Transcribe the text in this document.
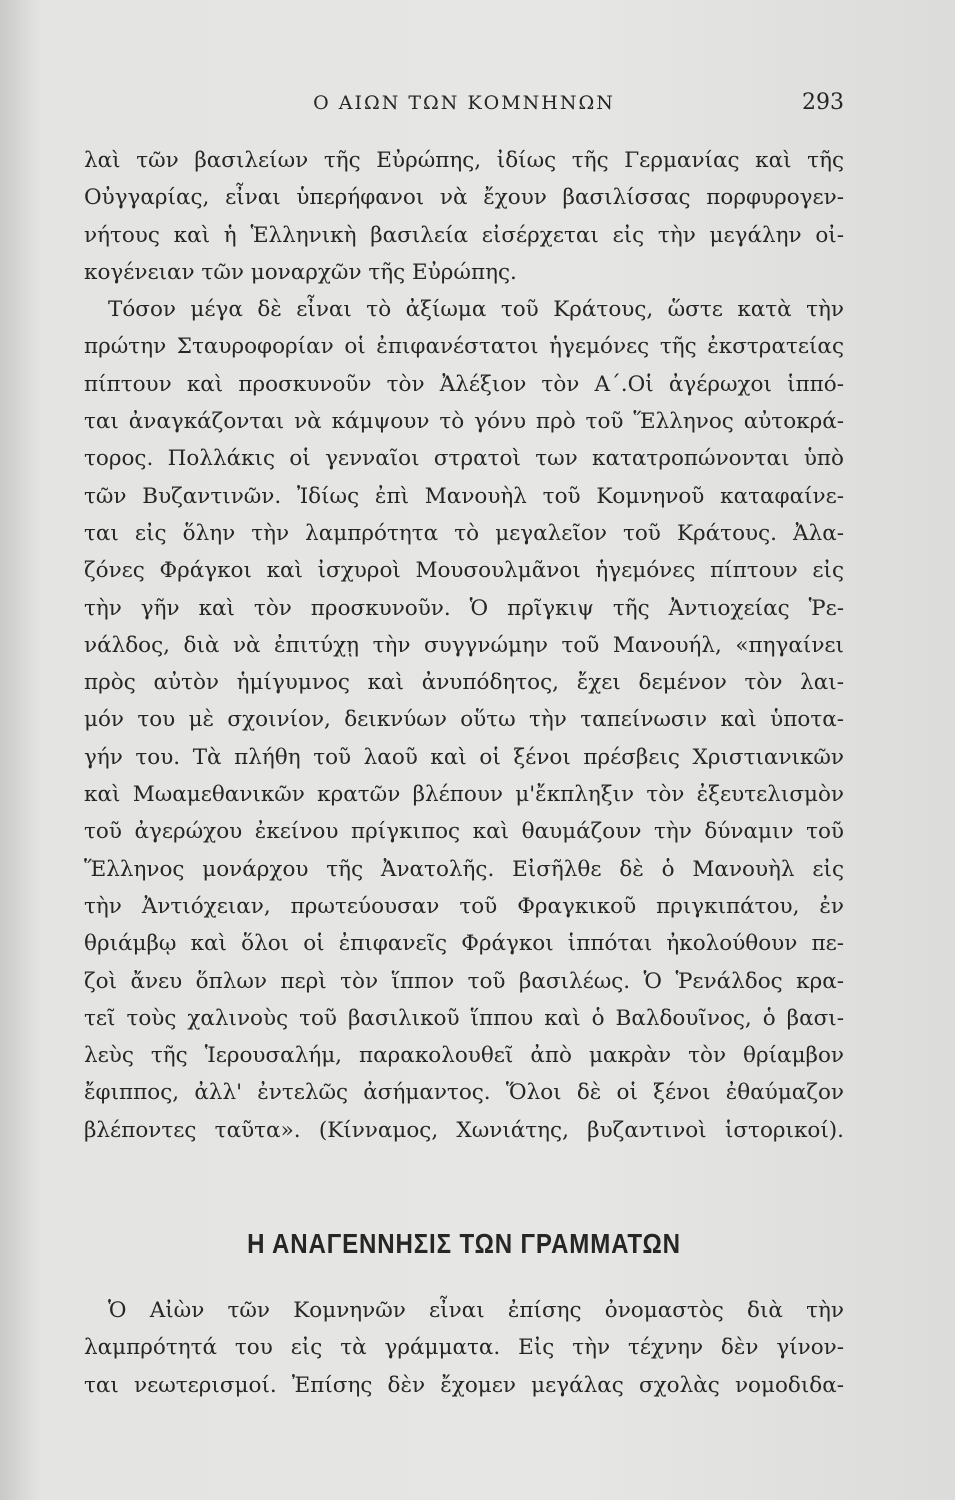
Ο ΑΙΩΝ ΤΩΝ ΚΟΜΝΗΝΩΝ	293
λαὶ τῶν βασιλείων τῆς Εὐρώπης, ἰδίως τῆς Γερμανίας καὶ τῆς
Οὐγγαρίας, εἶναι ὑπερήφανοι νὰ ἔχουν βασιλίσσας πορφυρογεν-
νήτους καὶ ἡ Ἑλληνικὴ βασιλεία εἰσέρχεται εἰς τὴν μεγάλην οἰ-
κογένειαν τῶν μοναρχῶν τῆς Εὐρώπης.
Τόσον μέγα δὲ εἶναι τὸ ἀξίωμα τοῦ Κράτους, ὥστε κατὰ τὴν
πρώτην Σταυροφορίαν οἱ ἐπιφανέστατοι ἡγεμόνες τῆς ἐκστρατείας
πίπτουν καὶ προσκυνοῦν τὸν Ἀλέξιον τὸν Α΄.Οἱ ἀγέρωχοι ἱππό-
ται ἀναγκάζονται νὰ κάμψουν τὸ γόνυ πρὸ τοῦ Ἕλληνος αὐτοκρά-
τορος. Πολλάκις οἱ γενναῖοι στρατοὶ των κατατροπώνονται ὑπὸ
τῶν Βυζαντινῶν. Ἰδίως ἐπὶ Μανουὴλ τοῦ Κομνηνοῦ καταφαίνε-
ται εἰς ὅλην τὴν λαμπρότητα τὸ μεγαλεῖον τοῦ Κράτους. Ἀλα-
ζόνες Φράγκοι καὶ ἰσχυροὶ Μουσουλμᾶνοι ἡγεμόνες πίπτουν εἰς
τὴν γῆν καὶ τὸν προσκυνοῦν. Ὁ πρῖγκιψ τῆς Ἀντιοχείας Ῥε-
νάλδος, διὰ νὰ ἐπιτύχῃ τὴν συγγνώμην τοῦ Μανουήλ, «πηγαίνει
πρὸς αὐτὸν ἡμίγυμνος καὶ ἀνυπόδητος, ἔχει δεμένον τὸν λαι-
μόν του μὲ σχοινίον, δεικνύων οὕτω τὴν ταπείνωσιν καὶ ὑποτα-
γήν του. Τὰ πλήθη τοῦ λαοῦ καὶ οἱ ξένοι πρέσβεις Χριστιανικῶν
καὶ Μωαμεθανικῶν κρατῶν βλέπουν μ'ἔκπληξιν τὸν ἐξευτελισμὸν
τοῦ ἀγερώχου ἐκείνου πρίγκιπος καὶ θαυμάζουν τὴν δύναμιν τοῦ
Ἕλληνος μονάρχου τῆς Ἀνατολῆς. Εἰσῆλθε δὲ ὁ Μανουὴλ εἰς
τὴν Ἀντιόχειαν, πρωτεύουσαν τοῦ Φραγκικοῦ πριγκιπάτου, ἐν
θριάμβῳ καὶ ὅλοι οἱ ἐπιφανεῖς Φράγκοι ἱππόται ἠκολούθουν πε-
ζοὶ ἄνευ ὅπλων περὶ τὸν ἵππον τοῦ βασιλέως. Ὁ Ῥενάλδος κρα-
τεῖ τοὺς χαλινοὺς τοῦ βασιλικοῦ ἵππου καὶ ὁ Βαλδουῖνος, ὁ βασι-
λεὺς τῆς Ἱερουσαλήμ, παρακολουθεῖ ἀπὸ μακρὰν τὸν θρίαμβον
ἔφιππος, ἀλλ' ἐντελῶς ἀσήμαντος. Ὅλοι δὲ οἱ ξένοι ἐθαύμαζον
βλέποντες ταῦτα». (Κίνναμος, Χωνιάτης, βυζαντινοὶ ἱστορικοί).
Η ΑΝΑΓΕΝΝΗΣΙΣ ΤΩΝ ΓΡΑΜΜΑΤΩΝ
Ὁ Αἰὼν τῶν Κομνηνῶν εἶναι ἐπίσης ὀνομαστὸς διὰ τὴν
λαμπρότητά του εἰς τὰ γράμματα. Εἰς τὴν τέχνην δὲν γίνον-
ται νεωτερισμοί. Ἐπίσης δὲν ἔχομεν μεγάλας σχολὰς νομοδιδα-
